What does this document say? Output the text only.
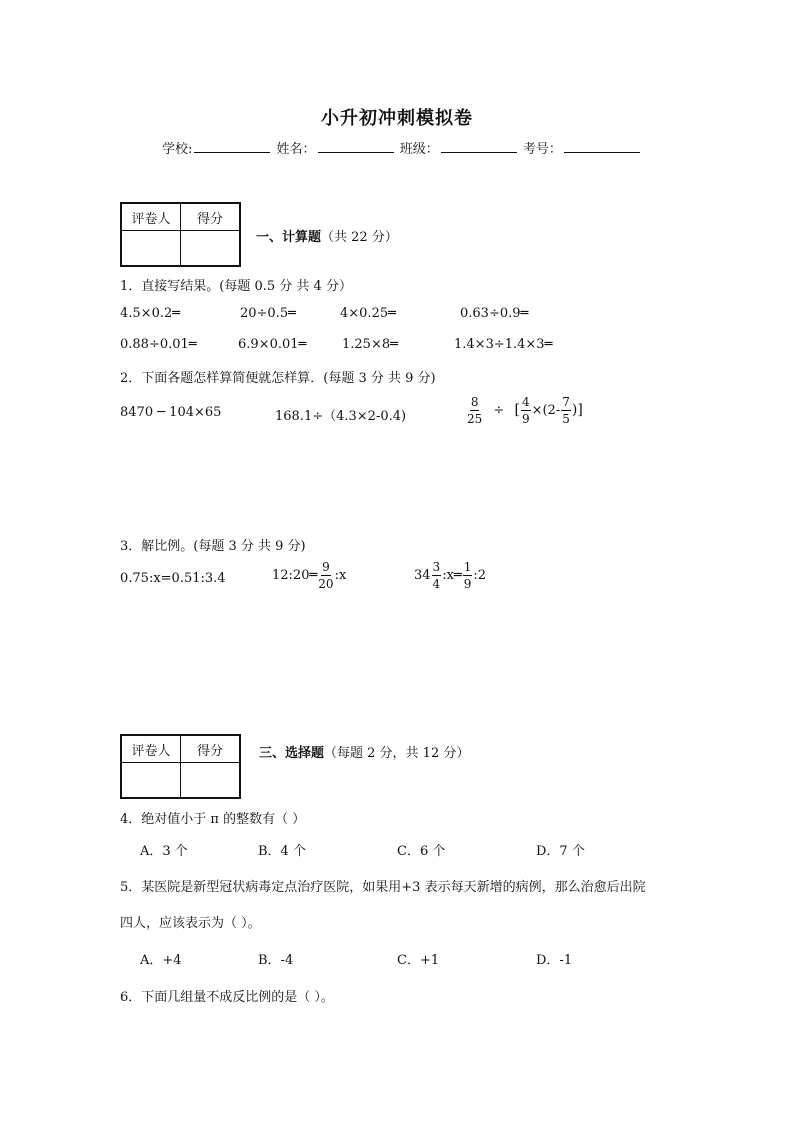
小升初冲刺模拟卷
学校:	姓名：	班级：	考号：
评卷人	得分

一、计算题（共 22 分）
1．直接写结果。(每题 0.5 分 共 4 分）
4.5×0.2═	20÷0.5═	4×0.25═	0.63÷0.9═
0.88÷0.01═	6.9×0.01═	1.25×8═	1.4×3÷1.4×3═
2．下面各题怎样算简便就怎样算．(每题 3 分 共 9 分)
8470 ─ 104×65	168.1÷（4.3×2-0.4)	$\frac{8}{25}$ ÷ [ $\frac{4}{9} \times(2- \frac{7}{5}$ )]
3．解比例。(每题 3 分 共 9 分)
0.75:x=0.51:3.4	12:20═ $\frac{9}{20}$ :x	$34 \frac{3}{4}$ :x═ $\frac{1}{9}$ :2
评卷人	得分
		三、选择题（每题 2 分，共 12 分）
4．绝对值小于 π 的整数有（ ）
A．3 个	B．4 个	C．6 个	D．7 个
5．某医院是新型冠状病毒定点治疗医院，如果用+3 表示每天新增的病例，那么治愈后出院
四人，应该表示为（ ）。
A．+4	B．-4	C．+1	D．-1
6．下面几组量不成反比例的是（ ）。
